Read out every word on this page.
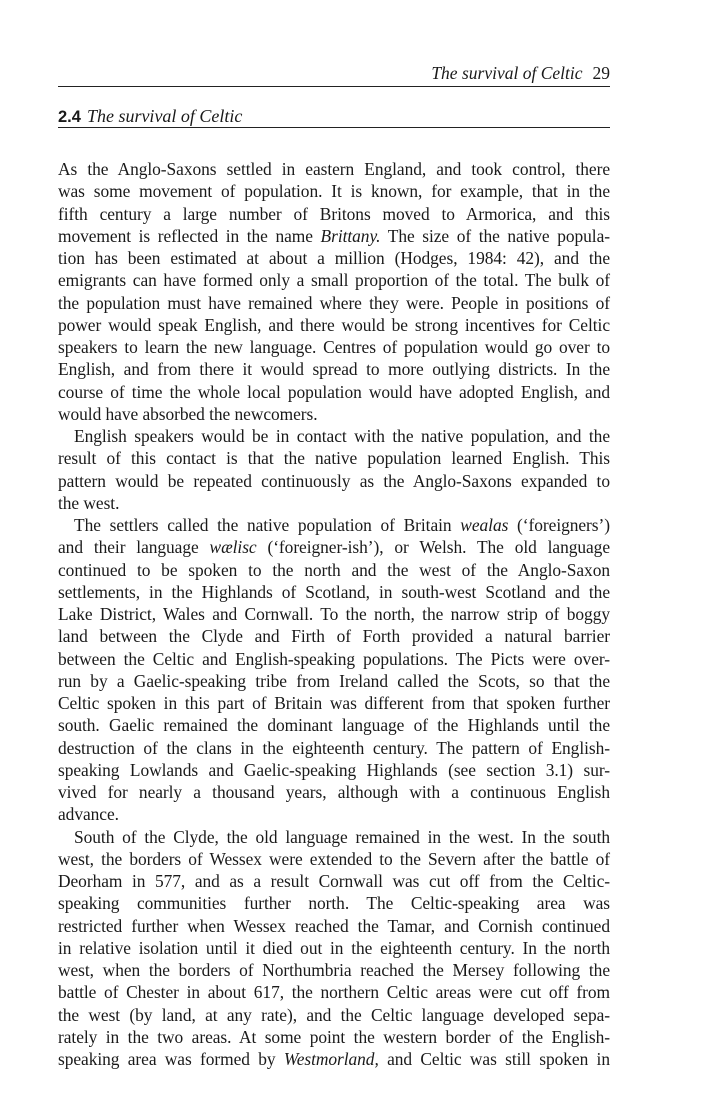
The survival of Celtic 29
2.4 The survival of Celtic
As the Anglo-Saxons settled in eastern England, and took control, there
was some movement of population. It is known, for example, that in the
fifth century a large number of Britons moved to Armorica, and this
movement is reflected in the name Brittany. The size of the native popula-
tion has been estimated at about a million (Hodges, 1984: 42), and the
emigrants can have formed only a small proportion of the total. The bulk of
the population must have remained where they were. People in positions of
power would speak English, and there would be strong incentives for Celtic
speakers to learn the new language. Centres of population would go over to
English, and from there it would spread to more outlying districts. In the
course of time the whole local population would have adopted English, and
would have absorbed the newcomers.
English speakers would be in contact with the native population, and the
result of this contact is that the native population learned English. This
pattern would be repeated continuously as the Anglo-Saxons expanded to
the west.
The settlers called the native population of Britain wealas (‘foreigners’)
and their language wælisc (‘foreigner-ish’), or Welsh. The old language
continued to be spoken to the north and the west of the Anglo-Saxon
settlements, in the Highlands of Scotland, in south-west Scotland and the
Lake District, Wales and Cornwall. To the north, the narrow strip of boggy
land between the Clyde and Firth of Forth provided a natural barrier
between the Celtic and English-speaking populations. The Picts were over-
run by a Gaelic-speaking tribe from Ireland called the Scots, so that the
Celtic spoken in this part of Britain was different from that spoken further
south. Gaelic remained the dominant language of the Highlands until the
destruction of the clans in the eighteenth century. The pattern of English-
speaking Lowlands and Gaelic-speaking Highlands (see section 3.1) sur-
vived for nearly a thousand years, although with a continuous English
advance.
South of the Clyde, the old language remained in the west. In the south
west, the borders of Wessex were extended to the Severn after the battle of
Deorham in 577, and as a result Cornwall was cut off from the Celtic-
speaking communities further north. The Celtic-speaking area was
restricted further when Wessex reached the Tamar, and Cornish continued
in relative isolation until it died out in the eighteenth century. In the north
west, when the borders of Northumbria reached the Mersey following the
battle of Chester in about 617, the northern Celtic areas were cut off from
the west (by land, at any rate), and the Celtic language developed sepa-
rately in the two areas. At some point the western border of the English-
speaking area was formed by Westmorland, and Celtic was still spoken in
